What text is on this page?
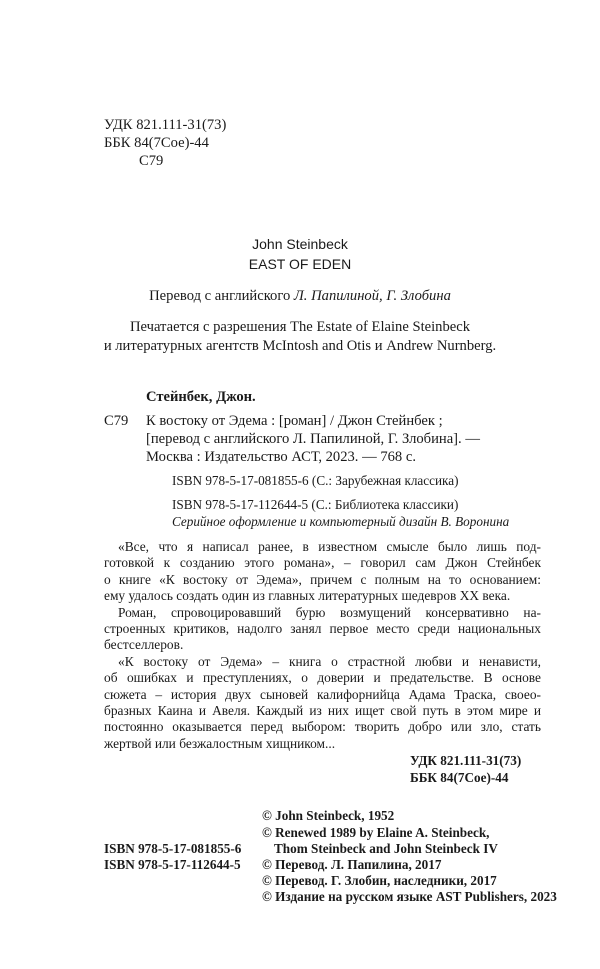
УДК 821.111-31(73)
ББК 84(7Сое)-44
С79
John Steinbeck
EAST OF EDEN
Перевод с английского Л. Папилиной, Г. Злобина
Печатается с разрешения The Estate of Elaine Steinbeck
и литературных агентств McIntosh and Otis и Andrew Nurnberg.
Стейнбек, Джон.
С79 К востоку от Эдема : [роман] / Джон Стейнбек ;
[перевод с английского Л. Папилиной, Г. Злобина]. —
Москва : Издательство АСТ, 2023. — 768 с.
ISBN 978-5-17-081855-6 (С.: Зарубежная классика)
ISBN 978-5-17-112644-5 (С.: Библиотека классики)
Серийное оформление и компьютерный дизайн В. Воронина
«Все, что я написал ранее, в известном смысле было лишь под-
готовкой к созданию этого романа», – говорил сам Джон Стейнбек
о книге «К востоку от Эдема», причем с полным на то основанием:
ему удалось создать один из главных литературных шедевров XX века.
Роман, спровоцировавший бурю возмущений консервативно на-
строенных критиков, надолго занял первое место среди национальных
бестселлеров.
«К востоку от Эдема» – книга о страстной любви и ненависти,
об ошибках и преступлениях, о доверии и предательстве. В основе
сюжета – история двух сыновей калифорнийца Адама Траска, своео-
бразных Каина и Авеля. Каждый из них ищет свой путь в этом мире и
постоянно оказывается перед выбором: творить добро или зло, стать
жертвой или безжалостным хищником...
УДК 821.111-31(73)
ББК 84(7Сое)-44
ISBN 978-5-17-081855-6
ISBN 978-5-17-112644-5
© John Steinbeck, 1952
© Renewed 1989 by Elaine A. Steinbeck,
Thom Steinbeck and John Steinbeck IV
© Перевод. Л. Папилина, 2017
© Перевод. Г. Злобин, наследники, 2017
© Издание на русском языке AST Publishers, 2023
